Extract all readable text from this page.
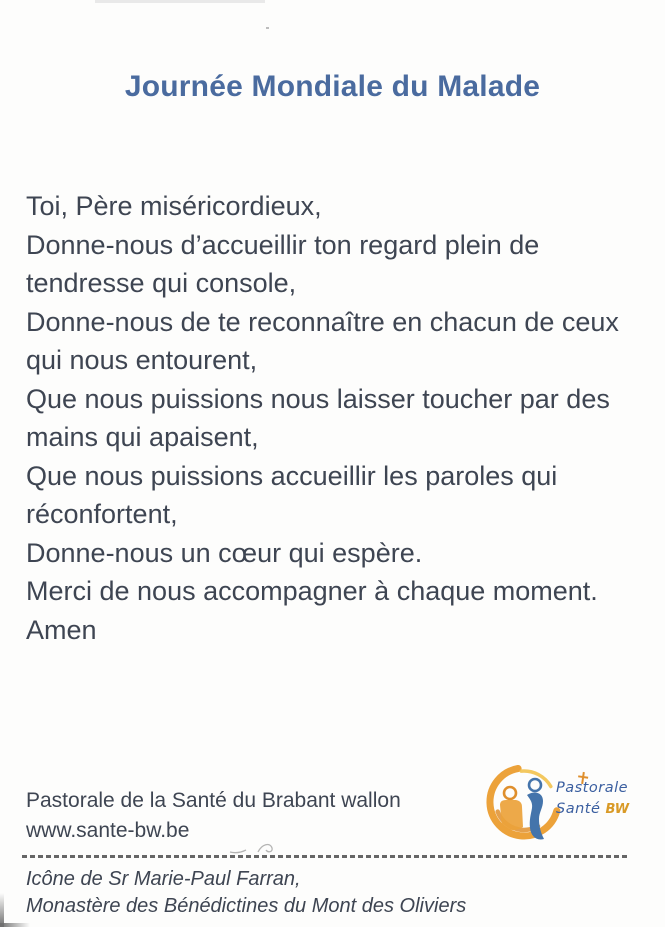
Journée Mondiale du Malade
Toi, Père miséricordieux,
Donne-nous d’accueillir ton regard plein de
tendresse qui console,
Donne-nous de te reconnaître en chacun de ceux
qui nous entourent,
Que nous puissions nous laisser toucher par des
mains qui apaisent,
Que nous puissions accueillir les paroles qui
réconfortent,
Donne-nous un cœur qui espère.
Merci de nous accompagner à chaque moment.
Amen
Pastorale de la Santé du Brabant wallon
www.sante-bw.be
Pastorale
Santé BW
Icône de Sr Marie-Paul Farran,
Monastère des Bénédictines du Mont des Oliviers
